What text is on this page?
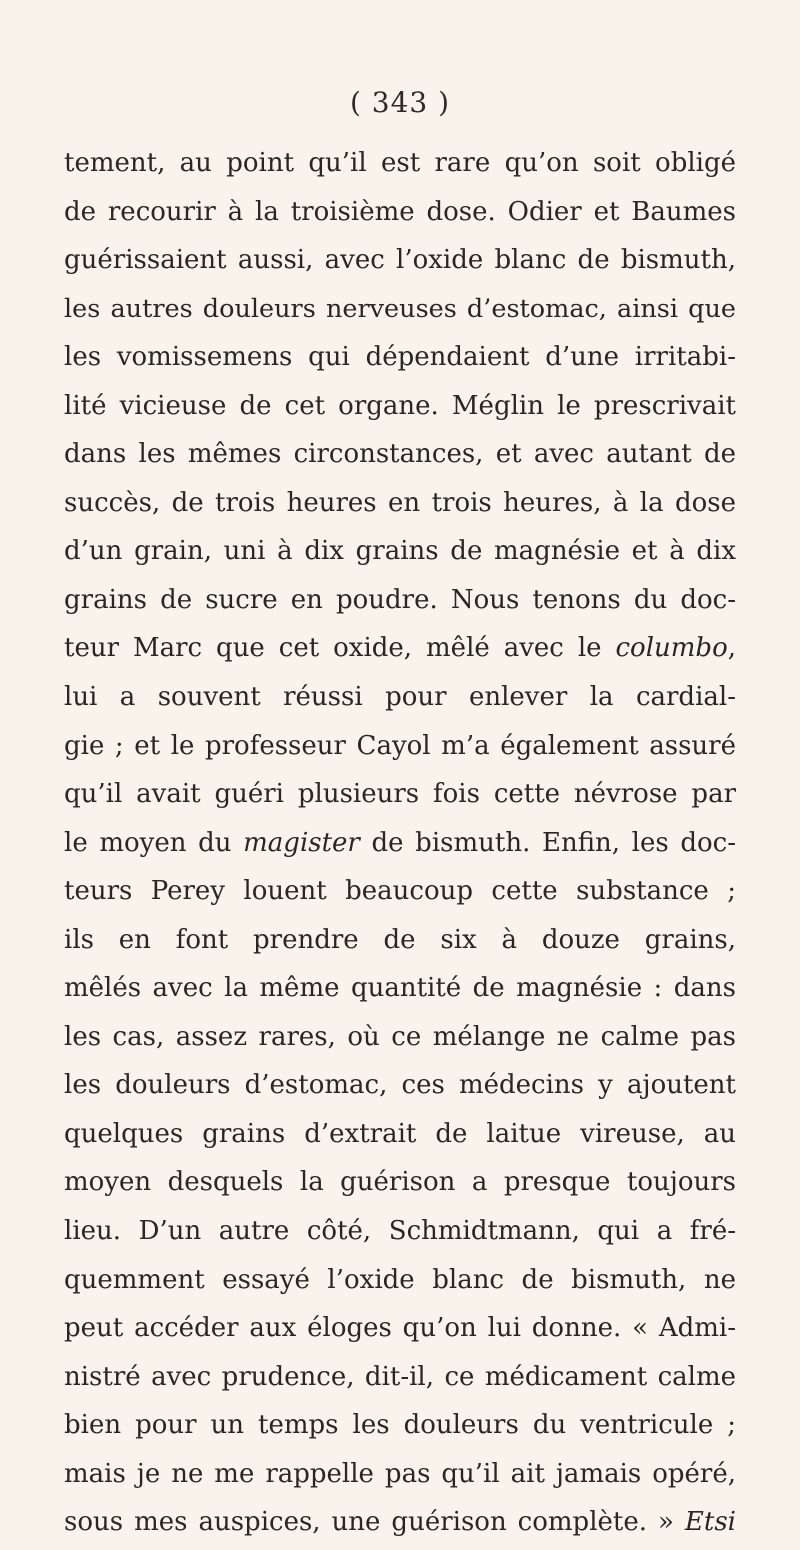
( 343 )
tement, au point qu’il est rare qu’on soit obligé
de recourir à la troisième dose. Odier et Baumes
guérissaient aussi, avec l’oxide blanc de bismuth,
les autres douleurs nerveuses d’estomac, ainsi que
les vomissemens qui dépendaient d’une irritabi-
lité vicieuse de cet organe. Méglin le prescrivait
dans les mêmes circonstances, et avec autant de
succès, de trois heures en trois heures, à la dose
d’un grain, uni à dix grains de magnésie et à dix
grains de sucre en poudre. Nous tenons du doc-
teur Marc que cet oxide, mêlé avec le columbo,
lui a souvent réussi pour enlever la cardial-
gie ; et le professeur Cayol m’a également assuré
qu’il avait guéri plusieurs fois cette névrose par
le moyen du magister de bismuth. Enfin, les doc-
teurs Perey louent beaucoup cette substance ;
ils en font prendre de six à douze grains,
mêlés avec la même quantité de magnésie : dans
les cas, assez rares, où ce mélange ne calme pas
les douleurs d’estomac, ces médecins y ajoutent
quelques grains d’extrait de laitue vireuse, au
moyen desquels la guérison a presque toujours
lieu. D’un autre côté, Schmidtmann, qui a fré-
quemment essayé l’oxide blanc de bismuth, ne
peut accéder aux éloges qu’on lui donne. « Admi-
nistré avec prudence, dit-il, ce médicament calme
bien pour un temps les douleurs du ventricule ;
mais je ne me rappelle pas qu’il ait jamais opéré,
sous mes auspices, une guérison complète. » Etsi
